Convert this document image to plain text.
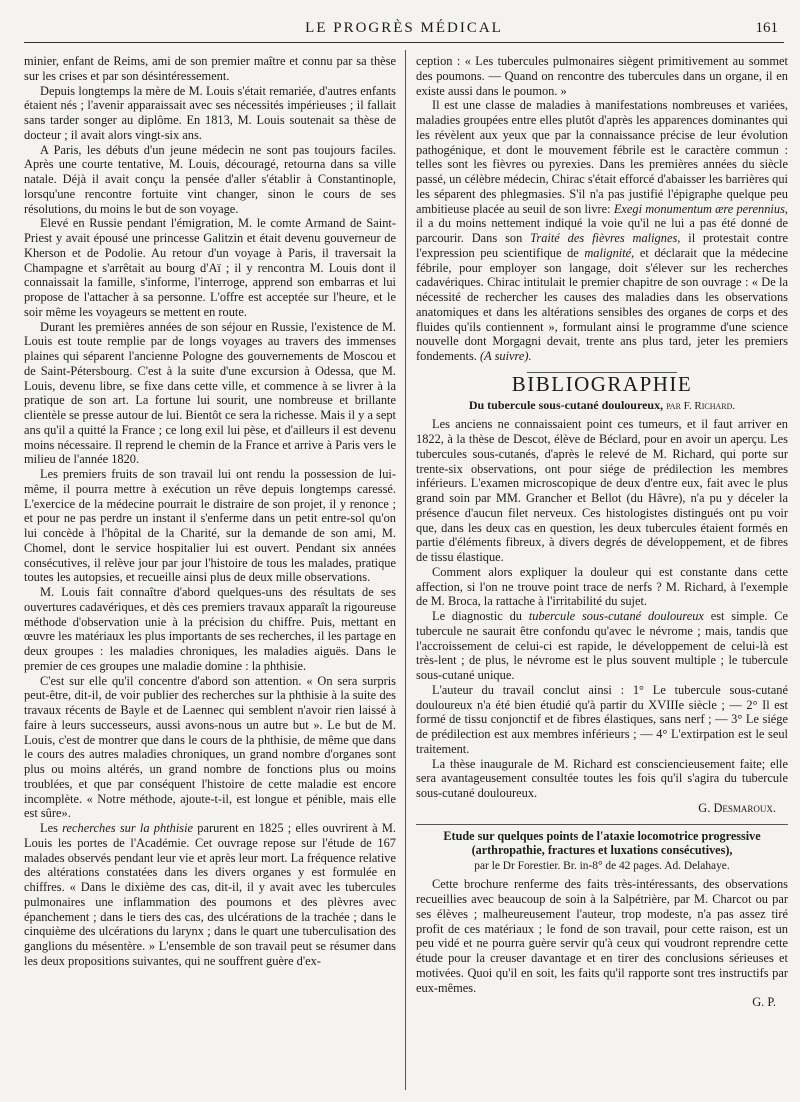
LE PROGRÈS MÉDICAL	161

minier, enfant de Reims, ami de son premier maître et connu par sa thèse sur les crises et par son désintéressement.

Depuis longtemps la mère de M. Louis s'était remariée, d'autres enfants étaient nés ; l'avenir apparaissait avec ses nécessités impérieuses ; il fallait sans tarder songer au diplôme. En 1813, M. Louis soutenait sa thèse de docteur ; il avait alors vingt-six ans.

A Paris, les débuts d'un jeune médecin ne sont pas toujours faciles. Après une courte tentative, M. Louis, découragé, retourna dans sa ville natale. Déjà il avait conçu la pensée d'aller s'établir à Constantinople, lorsqu'une rencontre fortuite vint changer, sinon le cours de ses résolutions, du moins le but de son voyage.

Elevé en Russie pendant l'émigration, M. le comte Armand de Saint-Priest y avait épousé une princesse Galitzin et était devenu gouverneur de Kherson et de Podolie. Au retour d'un voyage à Paris, il traversait la Champagne et s'arrêtait au bourg d'Aï ; il y rencontra M. Louis dont il connaissait la famille, s'informe, l'interroge, apprend son embarras et lui propose de l'attacher à sa personne. L'offre est acceptée sur l'heure, et le soir même les voyageurs se mettent en route.

Durant les premières années de son séjour en Russie, l'existence de M. Louis est toute remplie par de longs voyages au travers des immenses plaines qui séparent l'ancienne Pologne des gouvernements de Moscou et de Saint-Pétersbourg. C'est à la suite d'une excursion à Odessa, que M. Louis, devenu libre, se fixe dans cette ville, et commence à se livrer à la pratique de son art. La fortune lui sourit, une nombreuse et brillante clientèle se presse autour de lui. Bientôt ce sera la richesse. Mais il y a sept ans qu'il a quitté la France ; ce long exil lui pèse, et d'ailleurs il est devenu moins nécessaire. Il reprend le chemin de la France et arrive à Paris vers le milieu de l'année 1820.

Les premiers fruits de son travail lui ont rendu la possession de lui-même, il pourra mettre à exécution un rêve depuis longtemps caressé. L'exercice de la médecine pourrait le distraire de son projet, il y renonce ; et pour ne pas perdre un instant il s'enferme dans un petit entre-sol qu'on lui concède à l'hôpital de la Charité, sur la demande de son ami, M. Chomel, dont le service hospitalier lui est ouvert. Pendant six années consécutives, il relève jour par jour l'histoire de tous les malades, pratique toutes les autopsies, et recueille ainsi plus de deux mille observations.

M. Louis fait connaître d'abord quelques-uns des résultats de ses ouvertures cadavériques, et dès ces premiers travaux apparaît la rigoureuse méthode d'observation unie à la précision du chiffre. Puis, mettant en œuvre les matériaux les plus importants de ses recherches, il les partage en deux groupes : les maladies chroniques, les maladies aiguës. Dans le premier de ces groupes une maladie domine : la phthisie.

C'est sur elle qu'il concentre d'abord son attention. « On sera surpris peut-être, dit-il, de voir publier des recherches sur la phthisie à la suite des travaux récents de Bayle et de Laennec qui semblent n'avoir rien laissé à faire à leurs successeurs, aussi avons-nous un autre but ». Le but de M. Louis, c'est de montrer que dans le cours de la phthisie, de même que dans le cours des autres maladies chroniques, un grand nombre d'organes sont plus ou moins altérés, un grand nombre de fonctions plus ou moins troublées, et que par conséquent l'histoire de cette maladie est encore incomplète. « Notre méthode, ajoute-t-il, est longue et pénible, mais elle est sûre».

Les recherches sur la phthisie parurent en 1825 ; elles ouvrirent à M. Louis les portes de l'Académie. Cet ouvrage repose sur l'étude de 167 malades observés pendant leur vie et après leur mort. La fréquence relative des altérations constatées dans les divers organes y est formulée en chiffres. « Dans le dixième des cas, dit-il, il y avait avec les tubercules pulmonaires une inflammation des poumons et des plèvres avec épanchement ; dans le tiers des cas, des ulcérations de la trachée ; dans le cinquième des ulcérations du larynx ; dans le quart une tuberculisation des ganglions du mésentère. » L'ensemble de son travail peut se résumer dans les deux propositions suivantes, qui ne souffrent guère d'ex-

ception : « Les tubercules pulmonaires siègent primitivement au sommet des poumons. — Quand on rencontre des tubercules dans un organe, il en existe aussi dans le poumon. »

Il est une classe de maladies à manifestations nombreuses et variées, maladies groupées entre elles plutôt d'après les apparences dominantes qui les révèlent aux yeux que par la connaissance précise de leur évolution pathogénique, et dont le mouvement fébrile est le caractère commun : telles sont les fièvres ou pyrexies. Dans les premières années du siècle passé, un célèbre médecin, Chirac s'était efforcé d'abaisser les barrières qui les séparent des phlegmasies. S'il n'a pas justifié l'épigraphe quelque peu ambitieuse placée au seuil de son livre: Exegi monumentum ære perennius, il a du moins nettement indiqué la voie qu'il ne lui a pas été donné de parcourir. Dans son Traité des fièvres malignes, il protestait contre l'expression peu scientifique de malignité, et déclarait que la médecine fébrile, pour employer son langage, doit s'élever sur les recherches cadavériques. Chirac intitulait le premier chapitre de son ouvrage : « De la nécessité de rechercher les causes des maladies dans les observations anatomiques et dans les altérations sensibles des organes de corps et des fluides qu'ils contiennent », formulant ainsi le programme d'une science nouvelle dont Morgagni devait, trente ans plus tard, jeter les premiers fondements. (A suivre).

BIBLIOGRAPHIE
Du tubercule sous-cutané douloureux, par F. Richard.

Les anciens ne connaissaient point ces tumeurs, et il faut arriver en 1822, à la thèse de Descot, élève de Béclard, pour en avoir un aperçu. Les tubercules sous-cutanés, d'après le relevé de M. Richard, qui porte sur trente-six observations, ont pour siége de prédilection les membres inférieurs. L'examen microscopique de deux d'entre eux, fait avec le plus grand soin par MM. Grancher et Bellot (du Hâvre), n'a pu y déceler la présence d'aucun filet nerveux. Ces histologistes distingués ont pu voir que, dans les deux cas en question, les deux tubercules étaient formés en partie d'éléments fibreux, à divers degrés de développement, et de fibres de tissu élastique.

Comment alors expliquer la douleur qui est constante dans cette affection, si l'on ne trouve point trace de nerfs ? M. Richard, à l'exemple de M. Broca, la rattache à l'irritabilité du sujet.

Le diagnostic du tubercule sous-cutané douloureux est simple. Ce tubercule ne saurait être confondu qu'avec le névrome ; mais, tandis que l'accroissement de celui-ci est rapide, le développement de celui-là est très-lent ; de plus, le névrome est le plus souvent multiple ; le tubercule sous-cutané unique.

L'auteur du travail conclut ainsi : 1° Le tubercule sous-cutané douloureux n'a été bien étudié qu'à partir du XVIIIe siècle ; — 2° Il est formé de tissu conjonctif et de fibres élastiques, sans nerf ; — 3° Le siége de prédilection est aux membres inférieurs ; — 4° L'extirpation est le seul traitement.

La thèse inaugurale de M. Richard est consciencieusement faite; elle sera avantageusement consultée toutes les fois qu'il s'agira du tubercule sous-cutané douloureux.

G. Desmaroux.
Etude sur quelques points de l'ataxie locomotrice progressive (arthropathie, fractures et luxations consécutives),
par le Dr Forestier. Br. in-8° de 42 pages. Ad. Delahaye.

Cette brochure renferme des faits très-intéressants, des observations recueillies avec beaucoup de soin à la Salpétrière, par M. Charcot ou par ses élèves ; malheureusement l'auteur, trop modeste, n'a pas assez tiré profit de ces matériaux ; le fond de son travail, pour cette raison, est un peu vidé et ne pourra guère servir qu'à ceux qui voudront reprendre cette étude pour la creuser davantage et en tirer des conclusions sérieuses et motivées. Quoi qu'il en soit, les faits qu'il rapporte sont tres instructifs par eux-mêmes.

G. P.
